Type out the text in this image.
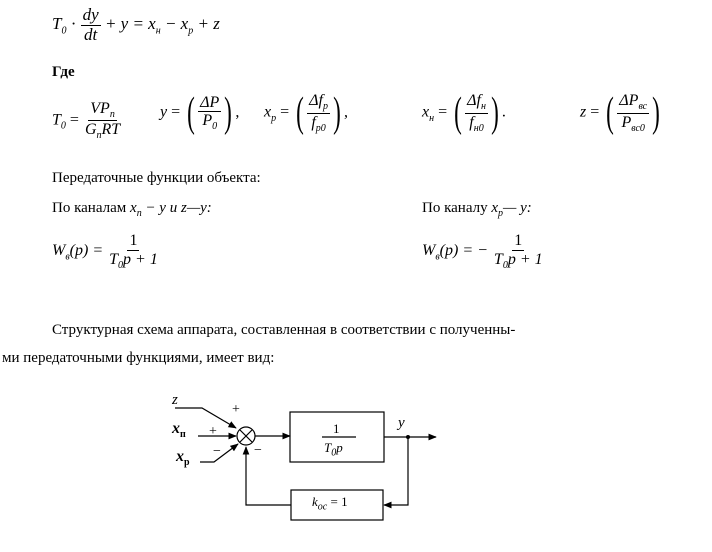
$T_0 \cdot \frac{dy}{dt} + y = x_н - x_p + z$
Где
$T_0 = \frac{VP_n}{G_nRT}$ y = ( $\frac{\Delta P}{P_0}$ ) , $x_p$ = ( $\frac{\Delta f_p}{f_{p0}}$ ) ,	$x_н$ = ( $\frac{\Delta f_н}{f_{н0}}$ ) .	z = ( $\frac{\Delta P_{вс}}{P_{вс0}}$ )
Передаточные функции объекта:
По каналам $x_п - y$ и z—y:	По каналу $x_р—$ y:
$W_в(p) = \frac{1}{T_0p + 1}$	$W_в(p)$ = − $\frac{1}{T_0p + 1}$
Структурная схема аппарата, составленная в соответствии с полученны-
ми передаточными функциями, имеет вид:
z
$x_п$
$x_р$
+
+
− −
1
$T_0p$
y
$k_{ос} = 1$
